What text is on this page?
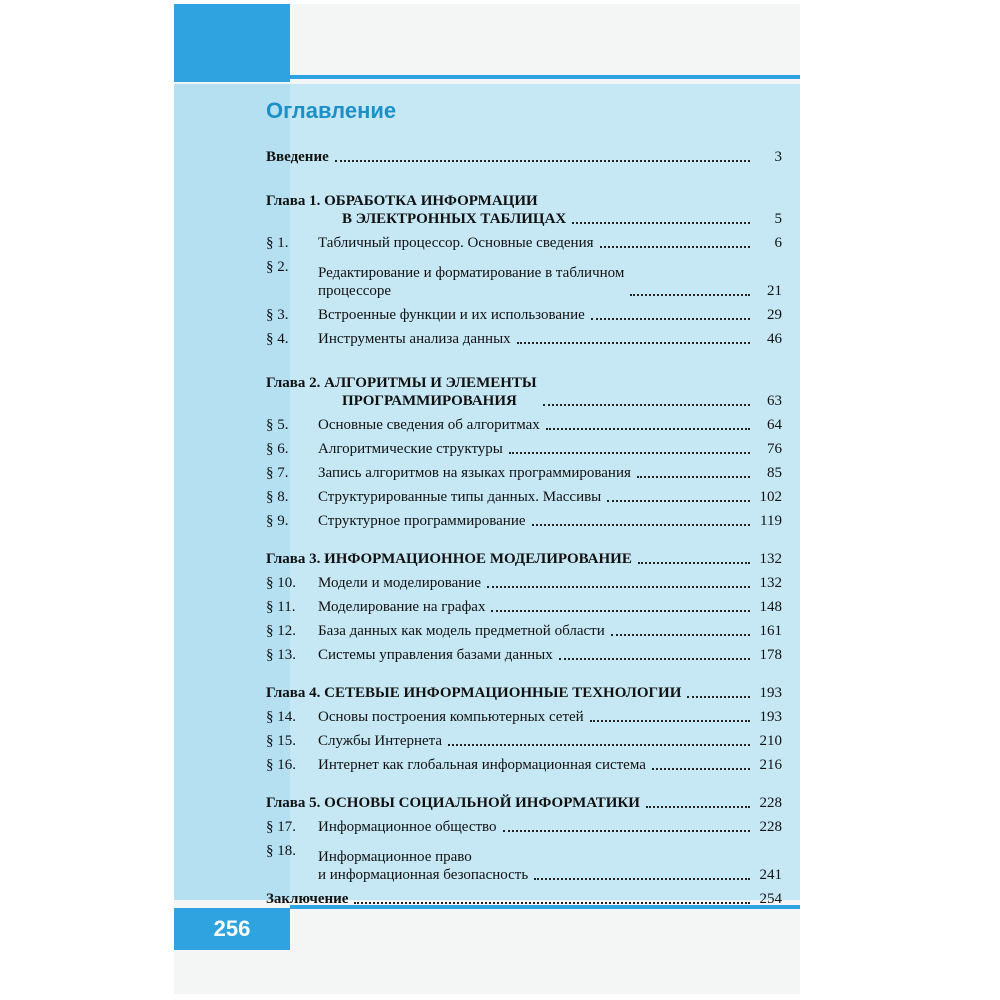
256
Оглавление
Введение	3
Глава 1. ОБРАБОТКА ИНФОРМАЦИИ
В ЭЛЕКТРОННЫХ ТАБЛИЦАХ	5
§ 1.	Табличный процессор. Основные сведения	6
§ 2.	Редактирование и форматирование в табличном
процессоре	21
§ 3.	Встроенные функции и их использование	29
§ 4.	Инструменты анализа данных	46
Глава 2. АЛГОРИТМЫ И ЭЛЕМЕНТЫ
ПРОГРАММИРОВАНИЯ	63
§ 5.	Основные сведения об алгоритмах	64
§ 6.	Алгоритмические структуры	76
§ 7.	Запись алгоритмов на языках программирования	85
§ 8.	Структурированные типы данных. Массивы	102
§ 9.	Структурное программирование	119
Глава 3. ИНФОРМАЦИОННОЕ МОДЕЛИРОВАНИЕ	132
§ 10.	Модели и моделирование	132
§ 11.	Моделирование на графах	148
§ 12.	База данных как модель предметной области	161
§ 13.	Системы управления базами данных	178
Глава 4. СЕТЕВЫЕ ИНФОРМАЦИОННЫЕ ТЕХНОЛОГИИ	193
§ 14.	Основы построения компьютерных сетей	193
§ 15.	Службы Интернета	210
§ 16.	Интернет как глобальная информационная система	216
Глава 5. ОСНОВЫ СОЦИАЛЬНОЙ ИНФОРМАТИКИ	228
§ 17.	Информационное общество	228
§ 18.	Информационное право
и информационная безопасность	241
Заключение	254
